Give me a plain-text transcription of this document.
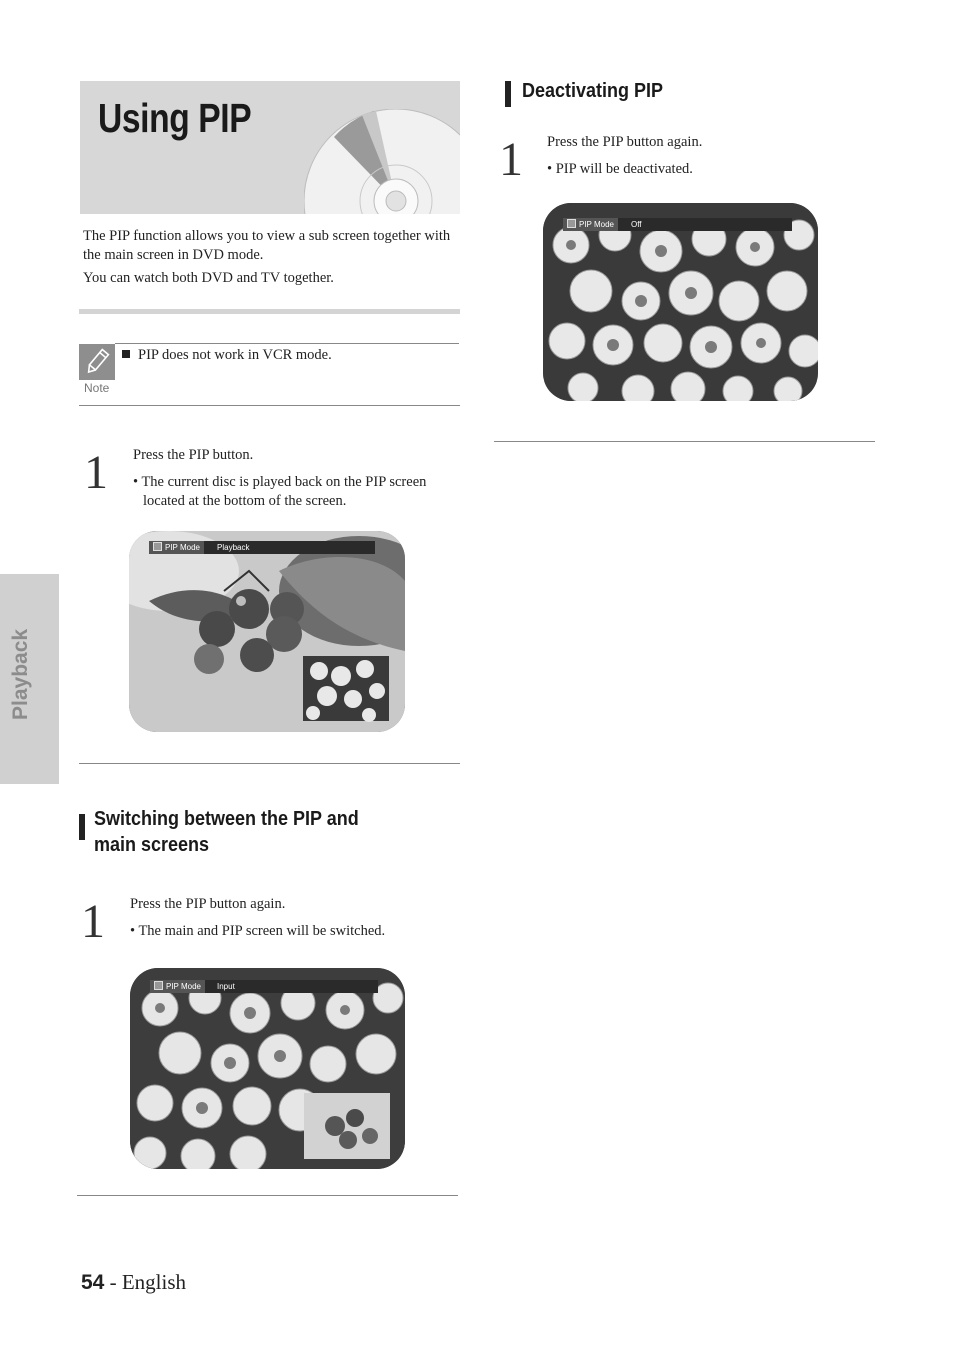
Using PIP

The PIP function allows you to view a sub screen together with the main screen in DVD mode.

You can watch both DVD and TV together.

Note
PIP does not work in VCR mode.
1 Press the PIP button.

• The current disc is played back on the PIP screen located at the bottom of the screen.

PIP Mode	Playback
Switching between the PIP and
main screens
1 Press the PIP button again.

• The main and PIP screen will be switched.

PIP Mode	Input
Deactivating PIP
1 Press the PIP button again.

• PIP will be deactivated.

PIP Mode	Off
Playback
54 - English
